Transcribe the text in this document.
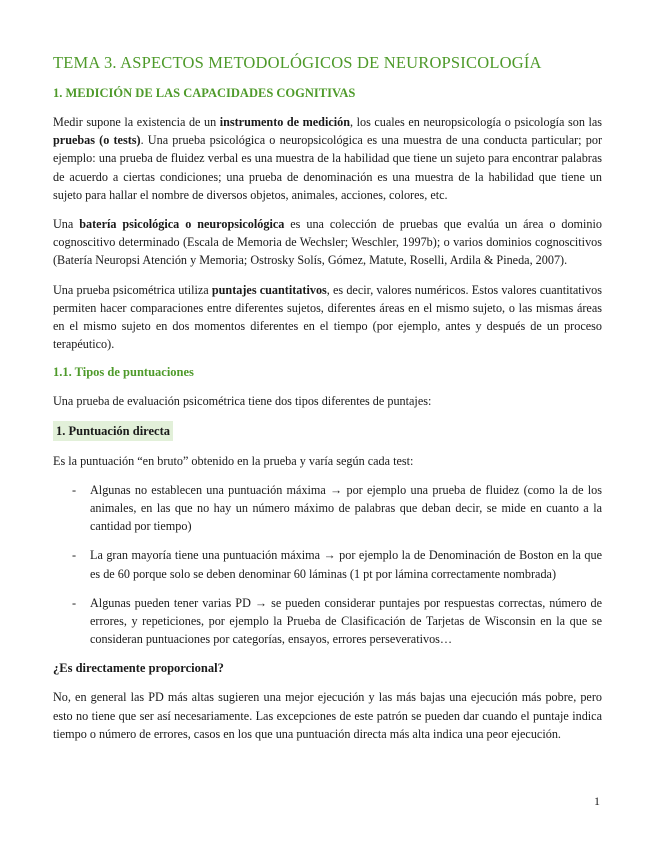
TEMA 3. ASPECTOS METODOLÓGICOS DE NEUROPSICOLOGÍA
1. MEDICIÓN DE LAS CAPACIDADES COGNITIVAS

Medir supone la existencia de un instrumento de medición, los cuales en neuropsicología o psicología son las pruebas (o tests). Una prueba psicológica o neuropsicológica es una muestra de una conducta particular; por ejemplo: una prueba de fluidez verbal es una muestra de la habilidad que tiene un sujeto para encontrar palabras de acuerdo a ciertas condiciones; una prueba de denominación es una muestra de la habilidad que tiene un sujeto para hallar el nombre de diversos objetos, animales, acciones, colores, etc.

Una batería psicológica o neuropsicológica es una colección de pruebas que evalúa un área o dominio cognoscitivo determinado (Escala de Memoria de Wechsler; Weschler, 1997b); o varios dominios cognoscitivos (Batería Neuropsi Atención y Memoria; Ostrosky Solís, Gómez, Matute, Roselli, Ardila & Pineda, 2007).

Una prueba psicométrica utiliza puntajes cuantitativos, es decir, valores numéricos. Estos valores cuantitativos permiten hacer comparaciones entre diferentes sujetos, diferentes áreas en el mismo sujeto, o las mismas áreas en el mismo sujeto en dos momentos diferentes en el tiempo (por ejemplo, antes y después de un proceso terapéutico).

1.1. Tipos de puntuaciones

Una prueba de evaluación psicométrica tiene dos tipos diferentes de puntajes:

1. Puntuación directa

Es la puntuación “en bruto” obtenido en la prueba y varía según cada test:

- Algunas no establecen una puntuación máxima → por ejemplo una prueba de fluidez (como la de los animales, en las que no hay un número máximo de palabras que deban decir, se mide en cuanto a la cantidad por tiempo)
- La gran mayoría tiene una puntuación máxima → por ejemplo la de Denominación de Boston en la que es de 60 porque solo se deben denominar 60 láminas (1 pt por lámina correctamente nombrada)
- Algunas pueden tener varias PD → se pueden considerar puntajes por respuestas correctas, número de errores, y repeticiones, por ejemplo la Prueba de Clasificación de Tarjetas de Wisconsin en la que se consideran puntuaciones por categorías, ensayos, errores perseverativos…

¿Es directamente proporcional?

No, en general las PD más altas sugieren una mejor ejecución y las más bajas una ejecución más pobre, pero esto no tiene que ser así necesariamente. Las excepciones de este patrón se pueden dar cuando el puntaje indica tiempo o número de errores, casos en los que una puntuación directa más alta indica una peor ejecución.

1
